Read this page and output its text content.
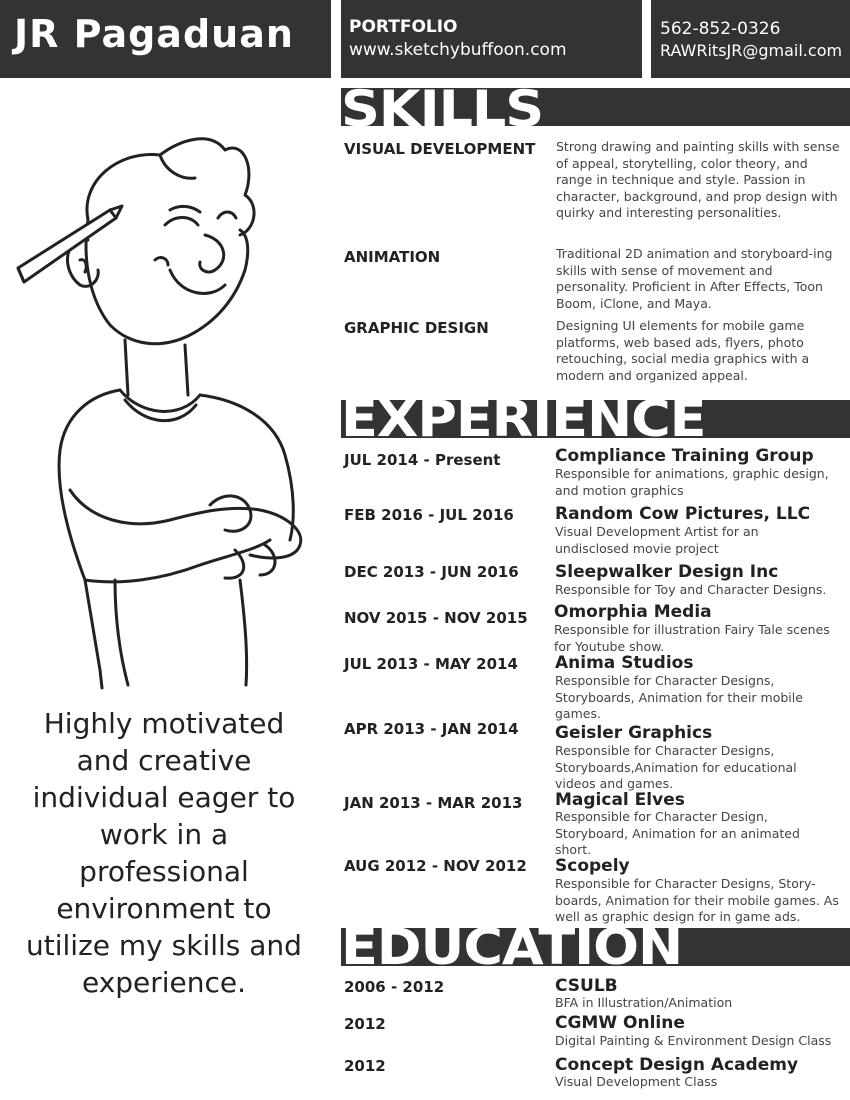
JR Pagaduan	PORTFOLIO
www.sketchybuffoon.com
562-852-0326
RAWRitsJR@gmail.com
Highly motivated and creative individual eager to work in a professional environment to utilize my skills and experience.
SKILLS
VISUAL DEVELOPMENT Strong drawing and painting skills with sense of appeal, storytelling, color theory, and range in technique and style. Passion in character, background, and prop design with quirky and interesting personalities.
ANIMATION	Traditional 2D animation and storyboard-ing skills with sense of movement and personality. Proficient in After Effects, Toon Boom, iClone, and Maya.
GRAPHIC DESIGN	Designing UI elements for mobile game platforms, web based ads, flyers, photo retouching, social media graphics with a modern and organized appeal.
EXPERIENCE
JUL 2014 - Present	Compliance Training Group
Responsible for animations, graphic design, and motion graphics
FEB 2016 - JUL 2016 Random Cow Pictures, LLC
Visual Development Artist for an undisclosed movie project
DEC 2013 - JUN 2016 Sleepwalker Design Inc
Responsible for Toy and Character Designs.
NOV 2015 - NOV 2015 Omorphia Media
Responsible for illustration Fairy Tale scenes for Youtube show.
JUL 2013 - MAY 2014 Anima Studios
Responsible for Character Designs, Storyboards, Animation for their mobile games.
APR 2013 - JAN 2014 Geisler Graphics
Responsible for Character Designs, Storyboards,Animation for educational videos and games.
JAN 2013 - MAR 2013 Magical Elves
Responsible for Character Design, Storyboard, Animation for an animated short.
AUG 2012 - NOV 2012 Scopely
Responsible for Character Designs, Story-boards, Animation for their mobile games. As well as graphic design for in game ads.
EDUCATION
2006 - 2012	CSULB
BFA in Illustration/Animation
2012	CGMW Online
Digital Painting & Environment Design Class
2012	Concept Design Academy
Visual Development Class
